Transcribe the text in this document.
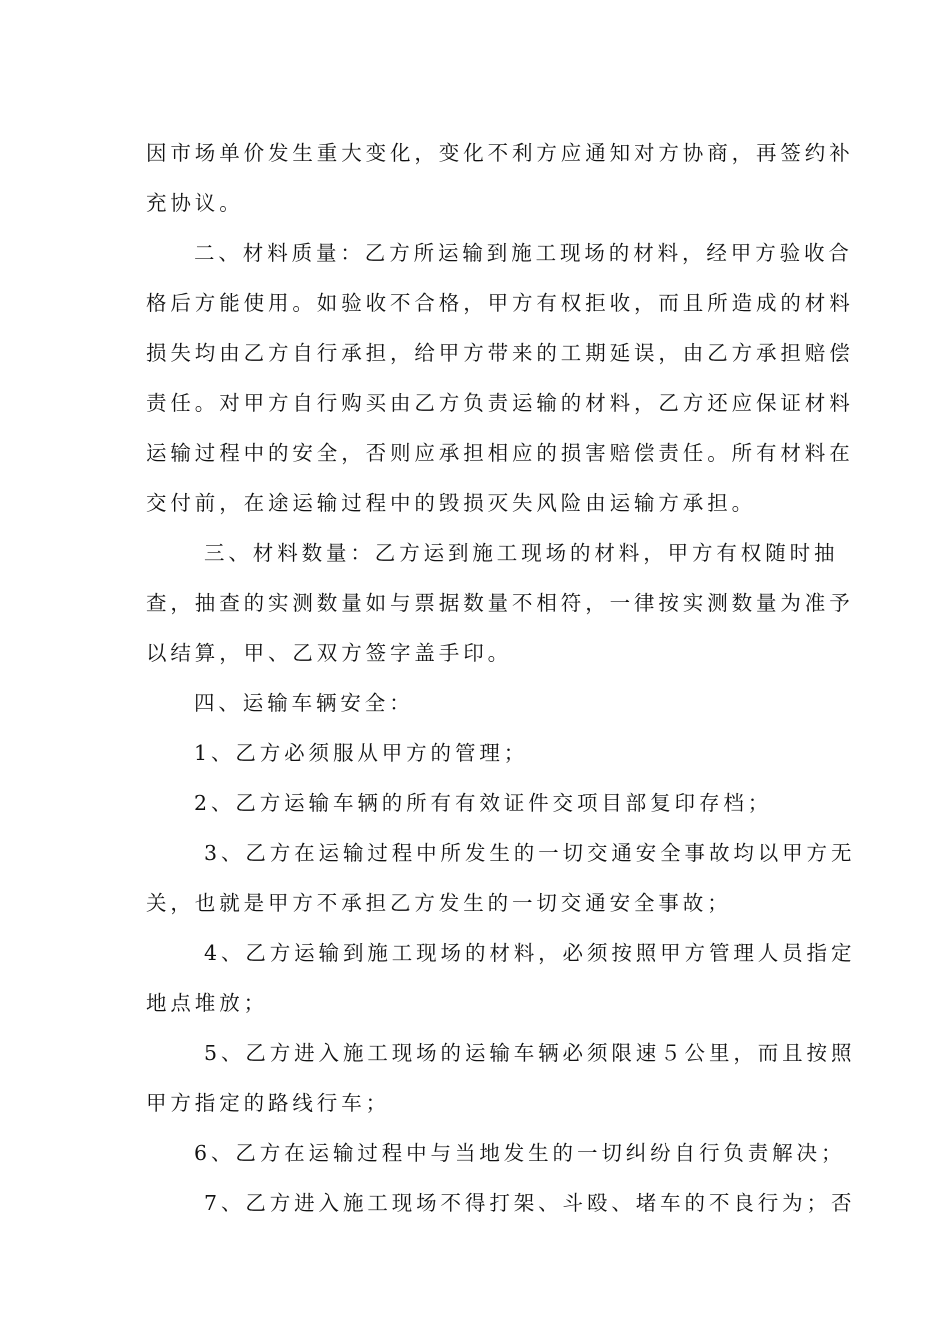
因市场单价发生重大变化，变化不利方应通知对方协商，再签约补
充协议。
二、材料质量：乙方所运输到施工现场的材料，经甲方验收合
格后方能使用。如验收不合格，甲方有权拒收，而且所造成的材料
损失均由乙方自行承担，给甲方带来的工期延误，由乙方承担赔偿
责任。对甲方自行购买由乙方负责运输的材料，乙方还应保证材料
运输过程中的安全，否则应承担相应的损害赔偿责任。所有材料在
交付前，在途运输过程中的毁损灭失风险由运输方承担。
三、材料数量：乙方运到施工现场的材料，甲方有权随时抽
查，抽查的实测数量如与票据数量不相符，一律按实测数量为准予
以结算，甲、乙双方签字盖手印。
四、运输车辆安全：
1、乙方必须服从甲方的管理；
2、乙方运输车辆的所有有效证件交项目部复印存档；
3、乙方在运输过程中所发生的一切交通安全事故均以甲方无
关，也就是甲方不承担乙方发生的一切交通安全事故；
4、乙方运输到施工现场的材料，必须按照甲方管理人员指定
地点堆放；
5、乙方进入施工现场的运输车辆必须限速５公里，而且按照
甲方指定的路线行车；
6、乙方在运输过程中与当地发生的一切纠纷自行负责解决；
7、乙方进入施工现场不得打架、斗殴、堵车的不良行为；否
